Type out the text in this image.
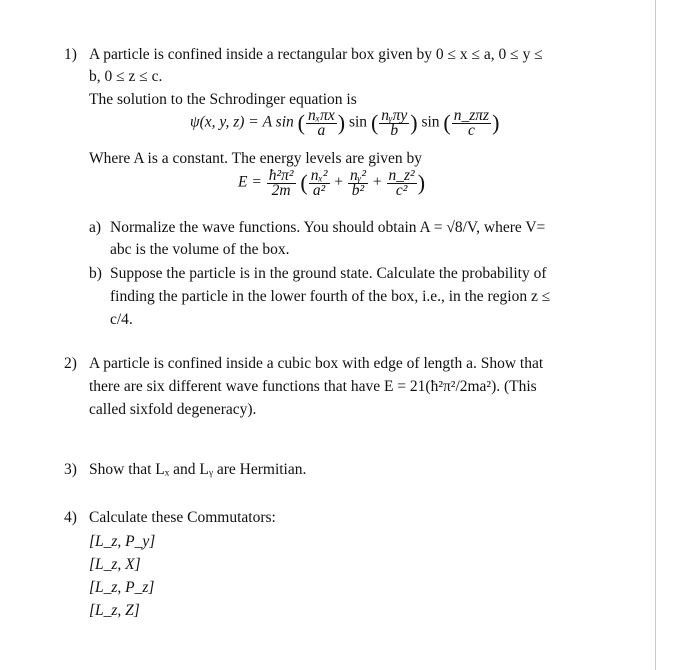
1) A particle is confined inside a rectangular box given by 0 ≤ x ≤ a, 0 ≤ y ≤
b, 0 ≤ z ≤ c.
The solution to the Schrodinger equation is
ψ(x, y, z) = A sin ( $\frac{\text{nₓπx}}{a}$ ) sin ( $\frac{\text{nᵧπy}}{b}$ ) sin ( $\frac{\text{n\_zπz}}{c}$ )
Where A is a constant. The energy levels are given by
$E = \frac{\text{ħ²π²}}{2m}$ ( $\frac{\text{nₓ²}}{\text{a²}} + \frac{\text{nᵧ²}}{\text{b²}} + \frac{\text{n\_z²}}{\text{c²}}$ )
a) Normalize the wave functions. You should obtain A = √8/V, where V=
abc is the volume of the box.
b) Suppose the particle is in the ground state. Calculate the probability of
finding the particle in the lower fourth of the box, i.e., in the region z ≤
c/4.
2) A particle is confined inside a cubic box with edge of length a. Show that
there are six different wave functions that have E = 21(ħ²π²/2ma²). (This
called sixfold degeneracy).
3) Show that Lₓ and Lᵧ are Hermitian.
4) Calculate these Commutators:
[L_z, P_y]
[L_z, X]
[L_z, P_z]
[L_z, Z]
